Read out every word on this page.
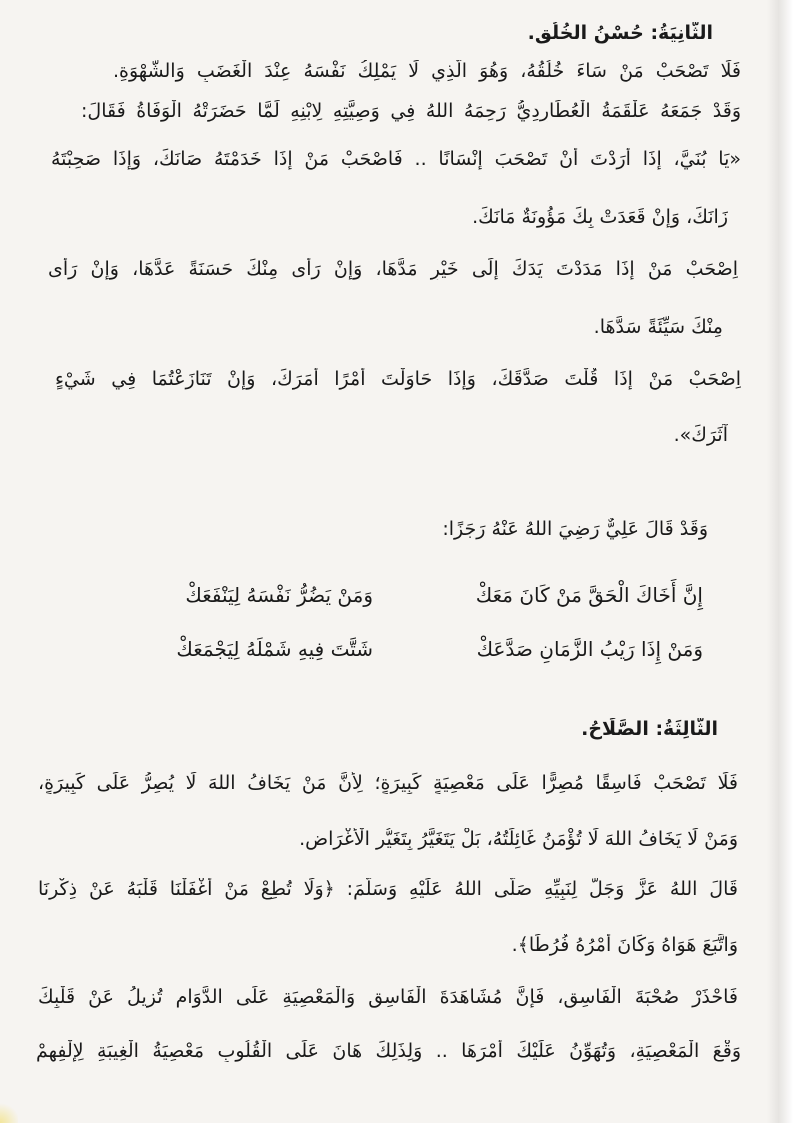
الثَّانِيَةُ: حُسْنُ الخُلُقِ.
فَلَا تَصْحَبْ مَنْ سَاءَ خُلُقُهُ، وَهُوَ الَّذِي لَا يَمْلِكُ نَفْسَهُ عِنْدَ الْغَضَبِ وَالشَّهْوَةِ.
وَقَدْ جَمَعَهُ عَلْقَمَةُ الْعُطَارِدِيُّ رَحِمَهُ اللهُ فِي وَصِيَّتِهِ لِابْنِهِ لَمَّا حَضَرَتْهُ الْوَفَاةُ فَقَالَ:
«يَا بُنَيَّ، إِذَا أَرَدْتَ أَنْ تَصْحَبَ إِنْسَانًا .. فَاصْحَبْ مَنْ إِذَا خَدَمْتَهُ صَانَكَ، وَإِذَا صَحِبْتَهُ
زَانَكَ، وَإِنْ قَعَدَتْ بِكَ مَؤُونَةٌ مَانَكَ.
اِصْحَبْ مَنْ إِذَا مَدَدْتَ يَدَكَ إِلَى خَيْرٍ مَدَّهَا، وَإِنْ رَأَى مِنْكَ حَسَنَةً عَدَّهَا، وَإِنْ رَأَى
مِنْكَ سَيِّئَةً سَدَّهَا.
اِصْحَبْ مَنْ إِذَا قُلْتَ صَدَّقَكَ، وَإِذَا حَاوَلْتَ أَمْرًا أَمَرَكَ، وَإِنْ تَنَازَعْتُمَا فِي شَيْءٍ
آثَرَكَ».
وَقَدْ قَالَ عَلِيٌّ رَضِيَ اللهُ عَنْهُ رَجَزًا:
إِنَّ أَخَاكَ الْحَقَّ مَنْ كَانَ مَعَكْ
وَمَنْ يَضُرُّ نَفْسَهُ لِيَنْفَعَكْ
وَمَنْ إِذَا رَيْبُ الزَّمَانِ صَدَّعَكْ
شَتَّتَ فِيهِ شَمْلَهُ لِيَجْمَعَكْ
الثَّالِثَةُ: الصَّلَاحُ.
فَلَا تَصْحَبْ فَاسِقًا مُصِرًّا عَلَى مَعْصِيَةٍ كَبِيرَةٍ؛ لِأَنَّ مَنْ يَخَافُ اللهَ لَا يُصِرُّ عَلَى كَبِيرَةٍ،
وَمَنْ لَا يَخَافُ اللهَ لَا تُؤْمَنُ غَائِلَتُهُ، بَلْ يَتَغَيَّرُ بِتَغَيُّرِ الْأَغْرَاضِ.
قَالَ اللهُ عَزَّ وَجَلَّ لِنَبِيِّهِ صَلَّى اللهُ عَلَيْهِ وَسَلَّمَ: ﴿وَلَا تُطِعْ مَنْ أَغْفَلْنَا قَلْبَهُ عَنْ ذِكْرِنَا
وَاتَّبَعَ هَوَاهُ وَكَانَ أَمْرُهُ فُرُطًا﴾.
فَاحْذَرْ صُحْبَةَ الْفَاسِقِ، فَإِنَّ مُشَاهَدَةَ الْفَاسِقِ وَالْمَعْصِيَةِ عَلَى الدَّوَامِ تُزِيلُ عَنْ قَلْبِكَ
وَقْعَ الْمَعْصِيَةِ، وَتُهَوِّنُ عَلَيْكَ أَمْرَهَا .. وَلِذَلِكَ هَانَ عَلَى الْقُلُوبِ مَعْصِيَةُ الْغِيبَةِ لِإِلْفِهِمْ
